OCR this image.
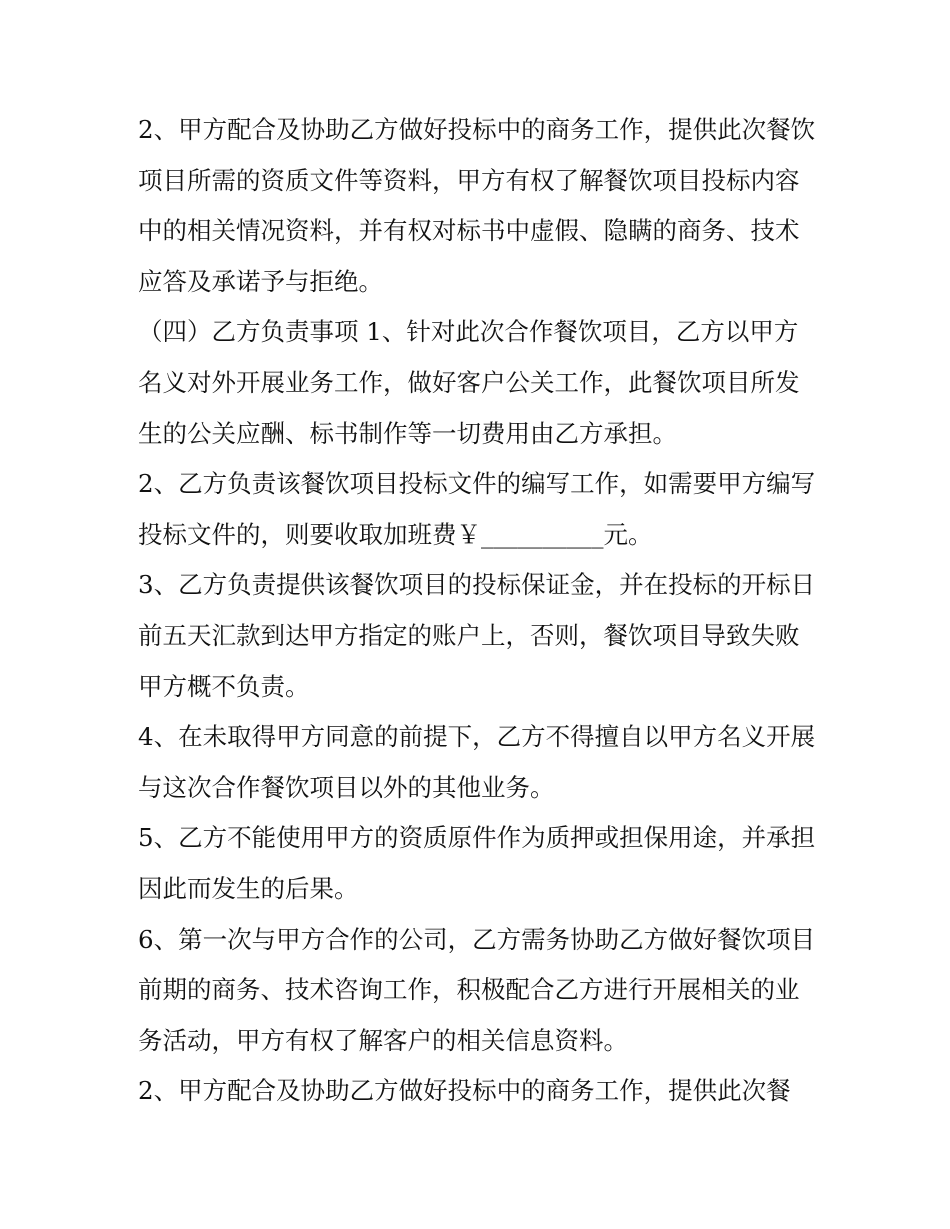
2、甲方配合及协助乙方做好投标中的商务工作，提供此次餐饮项目所需的资质文件等资料，甲方有权了解餐饮项目投标内容中的相关情况资料，并有权对标书中虚假、隐瞒的商务、技术应答及承诺予与拒绝。

（四）乙方负责事项 1、针对此次合作餐饮项目，乙方以甲方名义对外开展业务工作，做好客户公关工作，此餐饮项目所发生的公关应酬、标书制作等一切费用由乙方承担。

2、乙方负责该餐饮项目投标文件的编写工作，如需要甲方编写投标文件的，则要收取加班费￥__________元。

3、乙方负责提供该餐饮项目的投标保证金，并在投标的开标日前五天汇款到达甲方指定的账户上，否则，餐饮项目导致失败甲方概不负责。

4、在未取得甲方同意的前提下，乙方不得擅自以甲方名义开展与这次合作餐饮项目以外的其他业务。

5、乙方不能使用甲方的资质原件作为质押或担保用途，并承担因此而发生的后果。

6、第一次与甲方合作的公司，乙方需务协助乙方做好餐饮项目前期的商务、技术咨询工作，积极配合乙方进行开展相关的业务活动，甲方有权了解客户的相关信息资料。

2、甲方配合及协助乙方做好投标中的商务工作，提供此次餐
